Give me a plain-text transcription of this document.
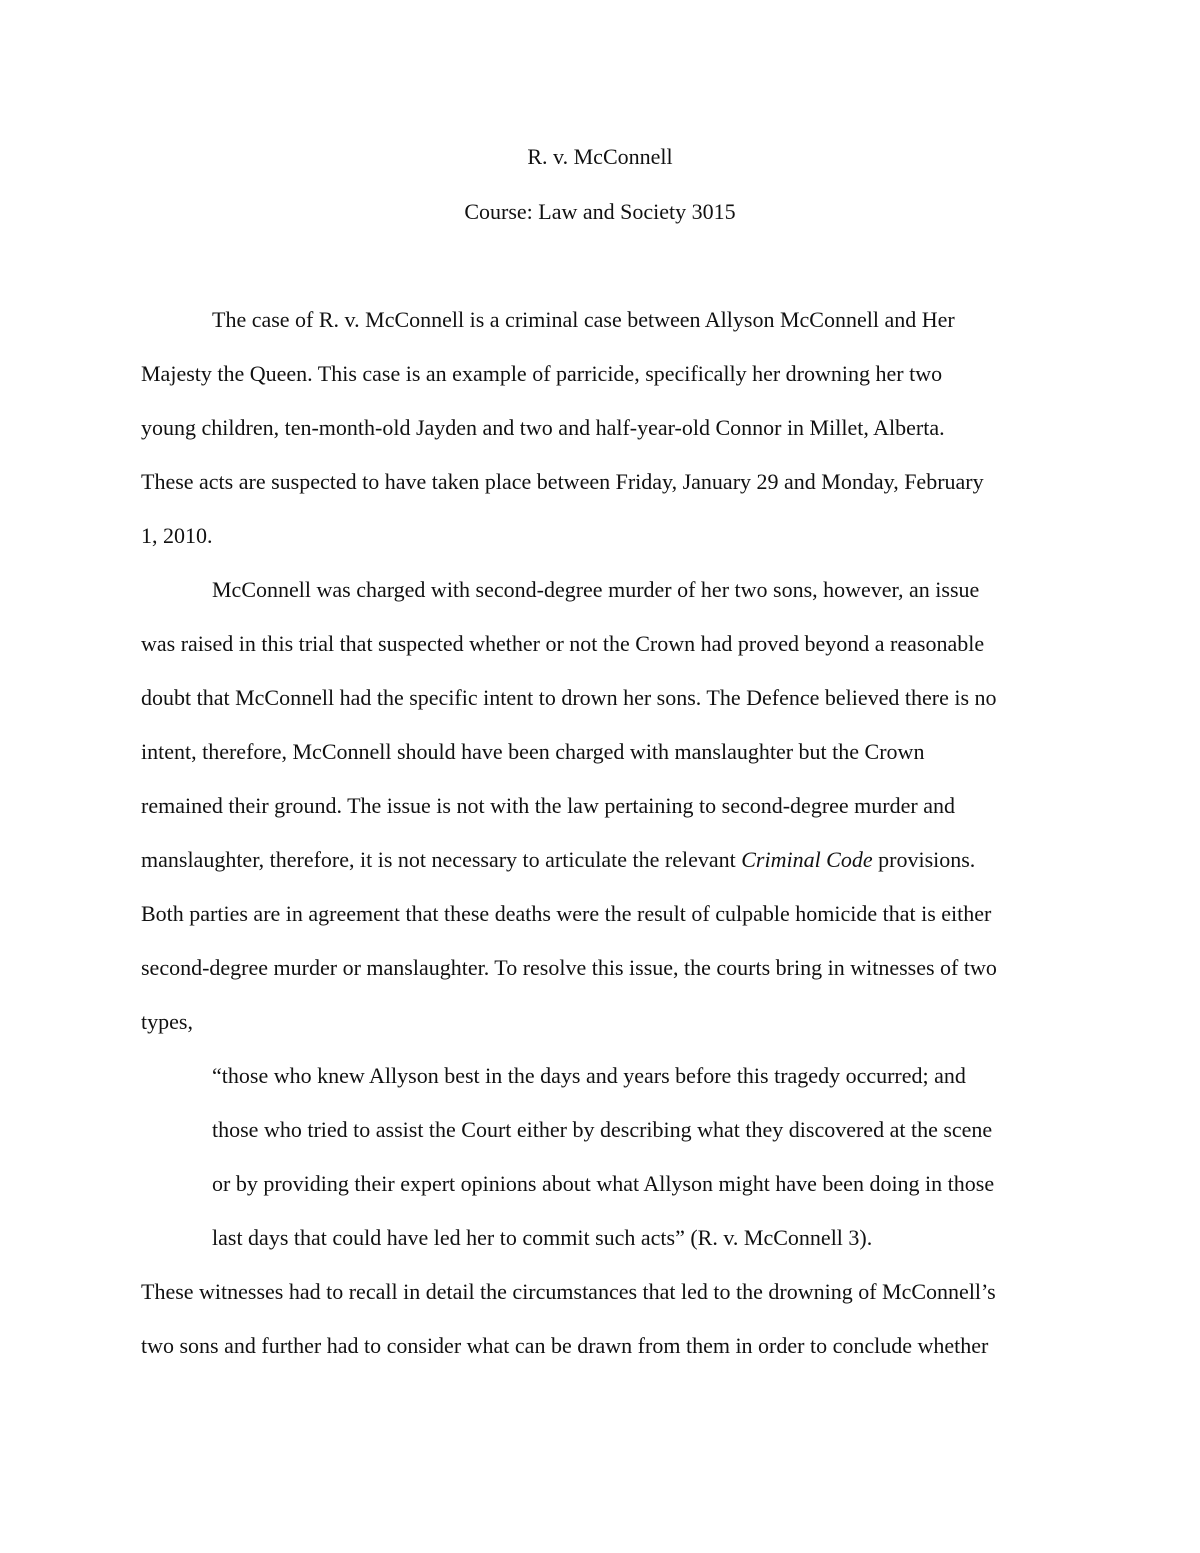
R. v. McConnell
Course: Law and Society 3015
The case of R. v. McConnell is a criminal case between Allyson McConnell and Her
Majesty the Queen. This case is an example of parricide, specifically her drowning her two
young children, ten-month-old Jayden and two and half-year-old Connor in Millet, Alberta.
These acts are suspected to have taken place between Friday, January 29 and Monday, February
1, 2010.
McConnell was charged with second-degree murder of her two sons, however, an issue
was raised in this trial that suspected whether or not the Crown had proved beyond a reasonable
doubt that McConnell had the specific intent to drown her sons. The Defence believed there is no
intent, therefore, McConnell should have been charged with manslaughter but the Crown
remained their ground. The issue is not with the law pertaining to second-degree murder and
manslaughter, therefore, it is not necessary to articulate the relevant Criminal Code provisions.
Both parties are in agreement that these deaths were the result of culpable homicide that is either
second-degree murder or manslaughter. To resolve this issue, the courts bring in witnesses of two
types,
“those who knew Allyson best in the days and years before this tragedy occurred; and
those who tried to assist the Court either by describing what they discovered at the scene
or by providing their expert opinions about what Allyson might have been doing in those
last days that could have led her to commit such acts” (R. v. McConnell 3).
These witnesses had to recall in detail the circumstances that led to the drowning of McConnell’s
two sons and further had to consider what can be drawn from them in order to conclude whether
